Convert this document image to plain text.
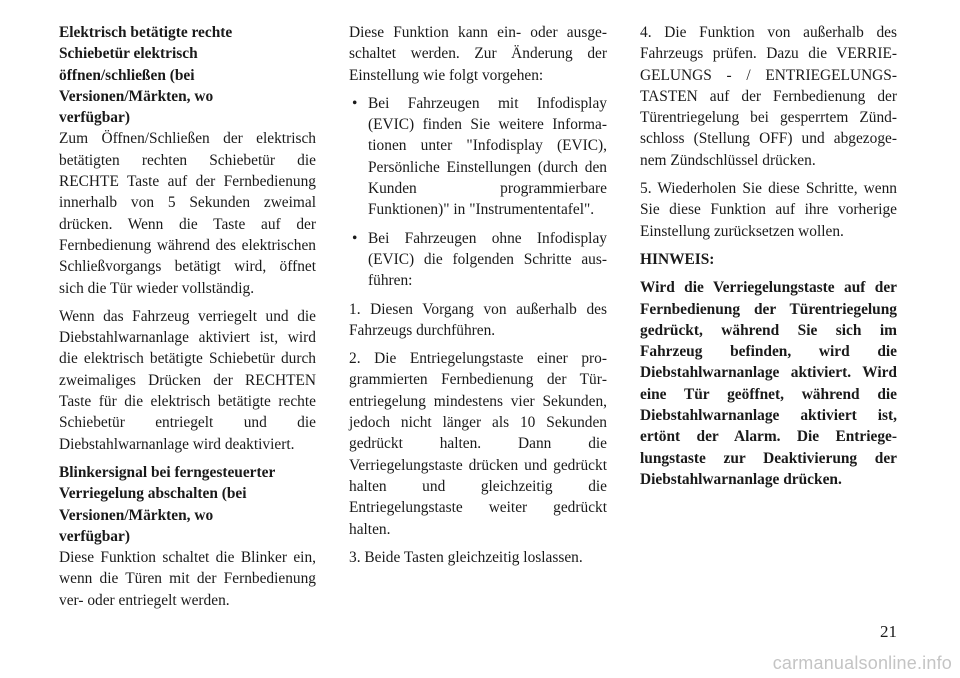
Elektrisch betätigte rechte
Schiebetür elektrisch
öffnen/schließen (bei
Versionen/Märkten, wo
verfügbar)

Zum Öffnen/Schließen der elektrisch betätigten rechten Schiebetür die RECHTE Taste auf der Fernbedienung innerhalb von 5 Sekunden zweimal drücken. Wenn die Taste auf der Fernbedienung während des elektrischen Schließvorgangs betätigt wird, öffnet sich die Tür wieder vollständig.

Wenn das Fahrzeug verriegelt und die Diebstahlwarnanlage aktiviert ist, wird die elektrisch betätigte Schiebetür durch zweimaliges Drücken der RECHTEN Taste für die elektrisch betätigte rechte Schiebetür entriegelt und die Diebstahlwarnanlage wird deaktiviert.

Blinkersignal bei ferngesteuerter
Verriegelung abschalten (bei
Versionen/Märkten, wo
verfügbar)

Diese Funktion schaltet die Blinker ein, wenn die Türen mit der Fernbedienung ver- oder entriegelt werden.

Diese Funktion kann ein- oder ausgeschaltet werden. Zur Änderung der Einstellung wie folgt vorgehen:

• Bei Fahrzeugen mit Infodisplay (EVIC) finden Sie weitere Informationen unter "Infodisplay (EVIC), Persönliche Einstellungen (durch den Kunden programmierbare Funktionen)" in "Instrumententafel".
• Bei Fahrzeugen ohne Infodisplay (EVIC) die folgenden Schritte ausführen:
1. Diesen Vorgang von außerhalb des Fahrzeugs durchführen.
2. Die Entriegelungstaste einer programmierten Fernbedienung der Türentriegelung mindestens vier Sekunden, jedoch nicht länger als 10 Sekunden gedrückt halten. Dann die Verriegelungstaste drücken und gedrückt halten und gleichzeitig die Entriegelungstaste weiter gedrückt halten.
3. Beide Tasten gleichzeitig loslassen.

4. Die Funktion von außerhalb des Fahrzeugs prüfen. Dazu die VERRIEGELUNGS - / ENTRIEGELUNGSTASTEN auf der Fernbedienung der Türentriegelung bei gesperrtem Zündschloss (Stellung OFF) und abgezogenem Zündschlüssel drücken.

5. Wiederholen Sie diese Schritte, wenn Sie diese Funktion auf ihre vorherige Einstellung zurücksetzen wollen.

HINWEIS:

Wird die Verriegelungstaste auf der Fernbedienung der Türentriegelung gedrückt, während Sie sich im Fahrzeug befinden, wird die Diebstahlwarnanlage aktiviert. Wird eine Tür geöffnet, während die Diebstahlwarnanlage aktiviert ist, ertönt der Alarm. Die Entriegelungstaste zur Deaktivierung der Diebstahlwarnanlage drücken.

21
carmanualsonline.info
